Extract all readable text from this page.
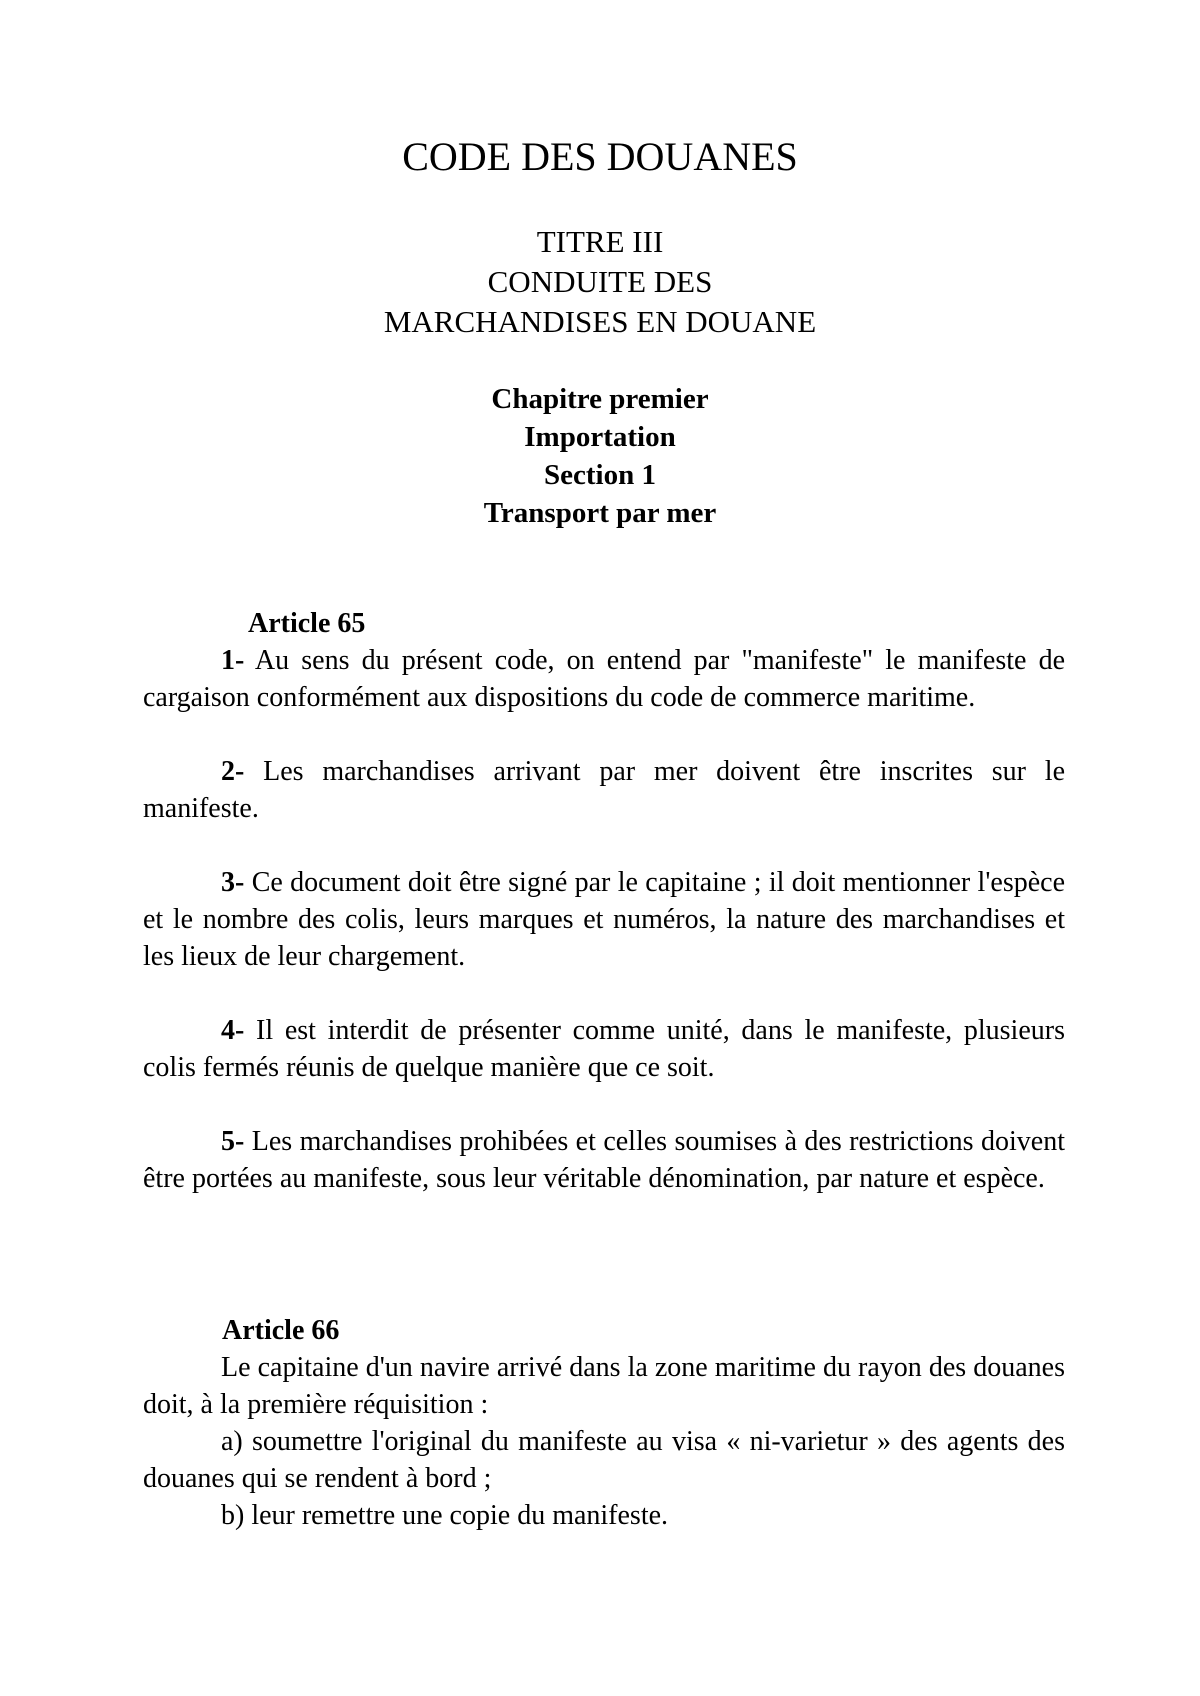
CODE DES DOUANES
TITRE III
CONDUITE DES
MARCHANDISES EN DOUANE
Chapitre premier
Importation
Section 1
Transport par mer
Article 65

1- Au sens du présent code, on entend par "manifeste" le manifeste de cargaison conformément aux dispositions du code de commerce maritime.

2- Les marchandises arrivant par mer doivent être inscrites sur le manifeste.

3- Ce document doit être signé par le capitaine ; il doit mentionner l'espèce et le nombre des colis, leurs marques et numéros, la nature des marchandises et les lieux de leur chargement.

4- Il est interdit de présenter comme unité, dans le manifeste, plusieurs colis fermés réunis de quelque manière que ce soit.

5- Les marchandises prohibées et celles soumises à des restrictions doivent être portées au manifeste, sous leur véritable dénomination, par nature et espèce.

Article 66

Le capitaine d'un navire arrivé dans la zone maritime du rayon des douanes doit, à la première réquisition :

a) soumettre l'original du manifeste au visa « ni-varietur » des agents des douanes qui se rendent à bord ;

b) leur remettre une copie du manifeste.
